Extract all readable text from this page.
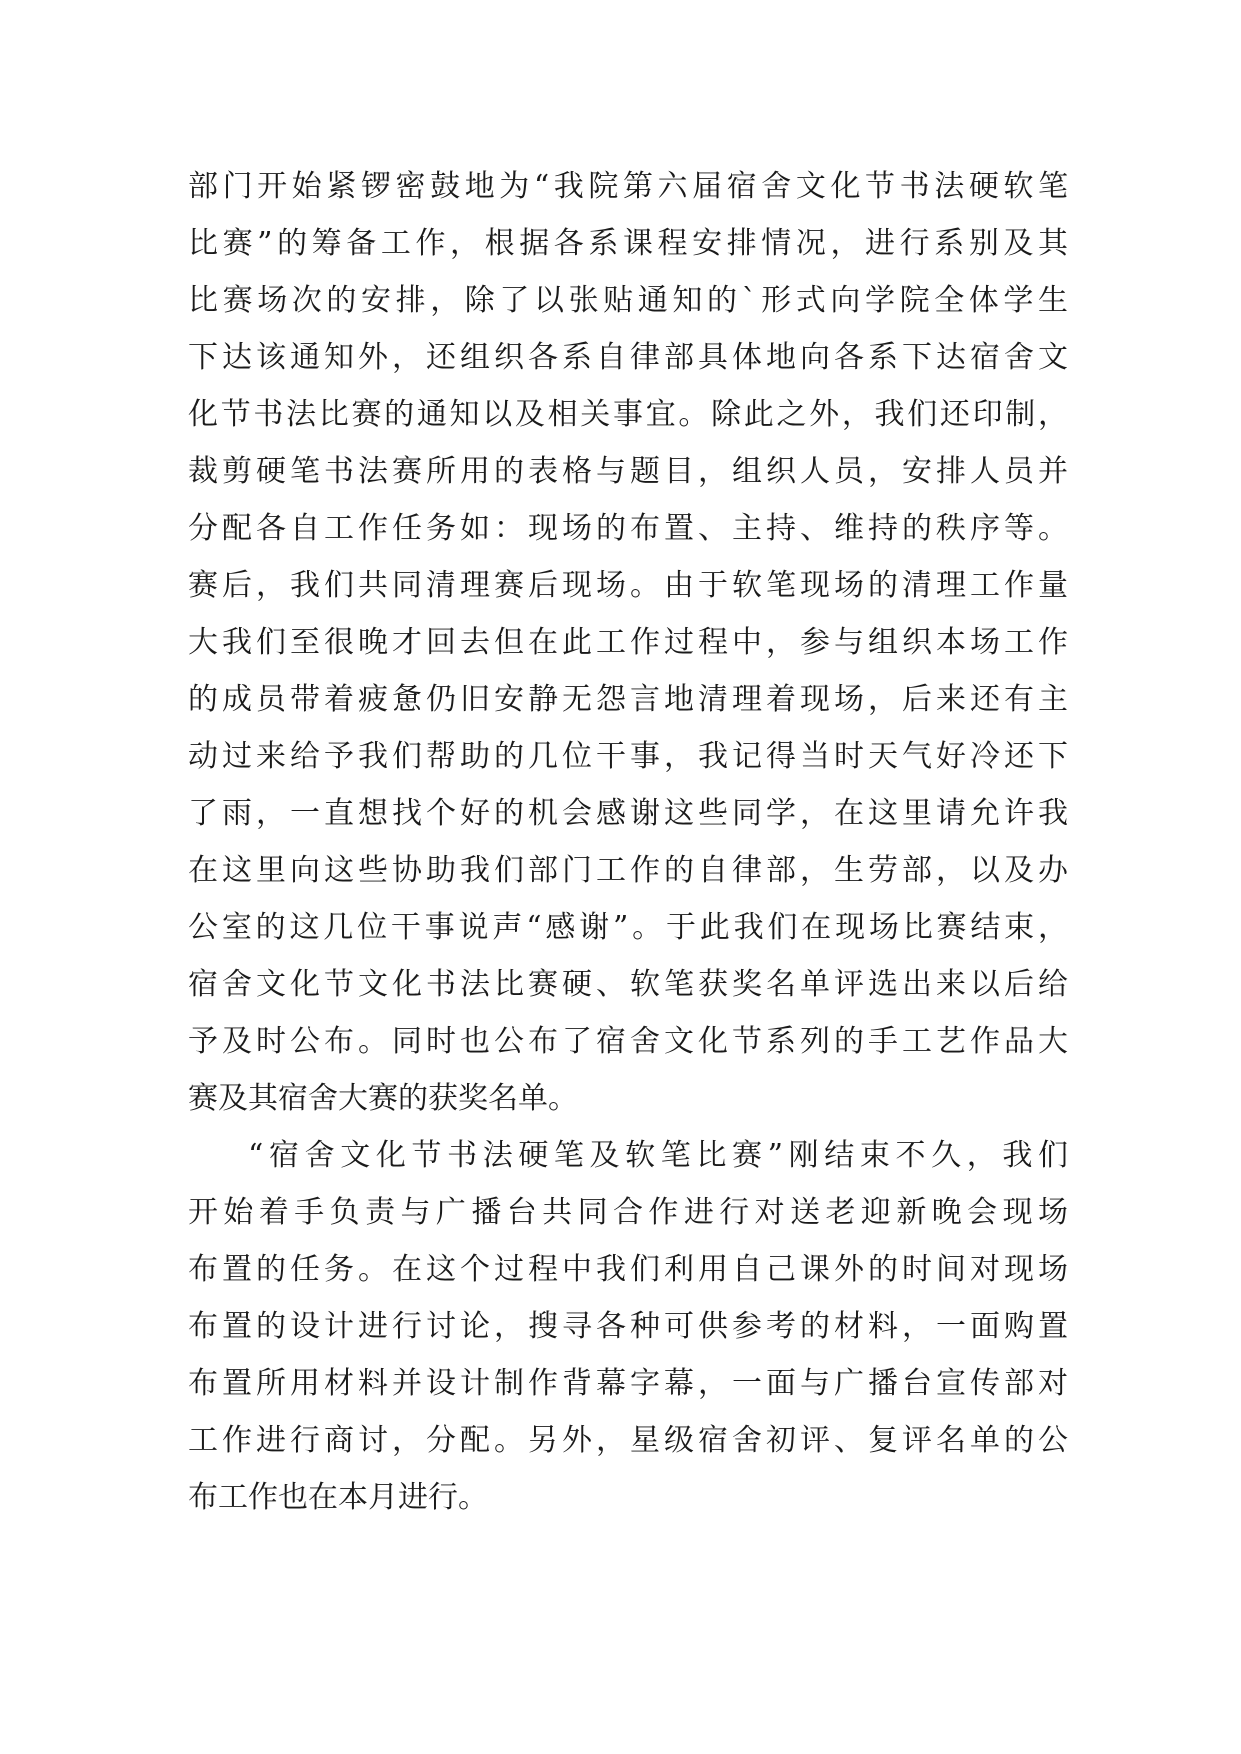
部门开始紧锣密鼓地为“我院第六届宿舍文化节书法硬软笔
比赛”的筹备工作，根据各系课程安排情况，进行系别及其
比赛场次的安排，除了以张贴通知的`形式向学院全体学生
下达该通知外，还组织各系自律部具体地向各系下达宿舍文
化节书法比赛的通知以及相关事宜。除此之外，我们还印制，
裁剪硬笔书法赛所用的表格与题目，组织人员，安排人员并
分配各自工作任务如：现场的布置、主持、维持的秩序等。
赛后，我们共同清理赛后现场。由于软笔现场的清理工作量
大我们至很晚才回去但在此工作过程中，参与组织本场工作
的成员带着疲惫仍旧安静无怨言地清理着现场，后来还有主
动过来给予我们帮助的几位干事，我记得当时天气好冷还下
了雨，一直想找个好的机会感谢这些同学，在这里请允许我
在这里向这些协助我们部门工作的自律部，生劳部，以及办
公室的这几位干事说声“感谢”。于此我们在现场比赛结束，
宿舍文化节文化书法比赛硬、软笔获奖名单评选出来以后给
予及时公布。同时也公布了宿舍文化节系列的手工艺作品大
赛及其宿舍大赛的获奖名单。
“宿舍文化节书法硬笔及软笔比赛”刚结束不久，我们
开始着手负责与广播台共同合作进行对送老迎新晚会现场
布置的任务。在这个过程中我们利用自己课外的时间对现场
布置的设计进行讨论，搜寻各种可供参考的材料，一面购置
布置所用材料并设计制作背幕字幕，一面与广播台宣传部对
工作进行商讨，分配。另外，星级宿舍初评、复评名单的公
布工作也在本月进行。
